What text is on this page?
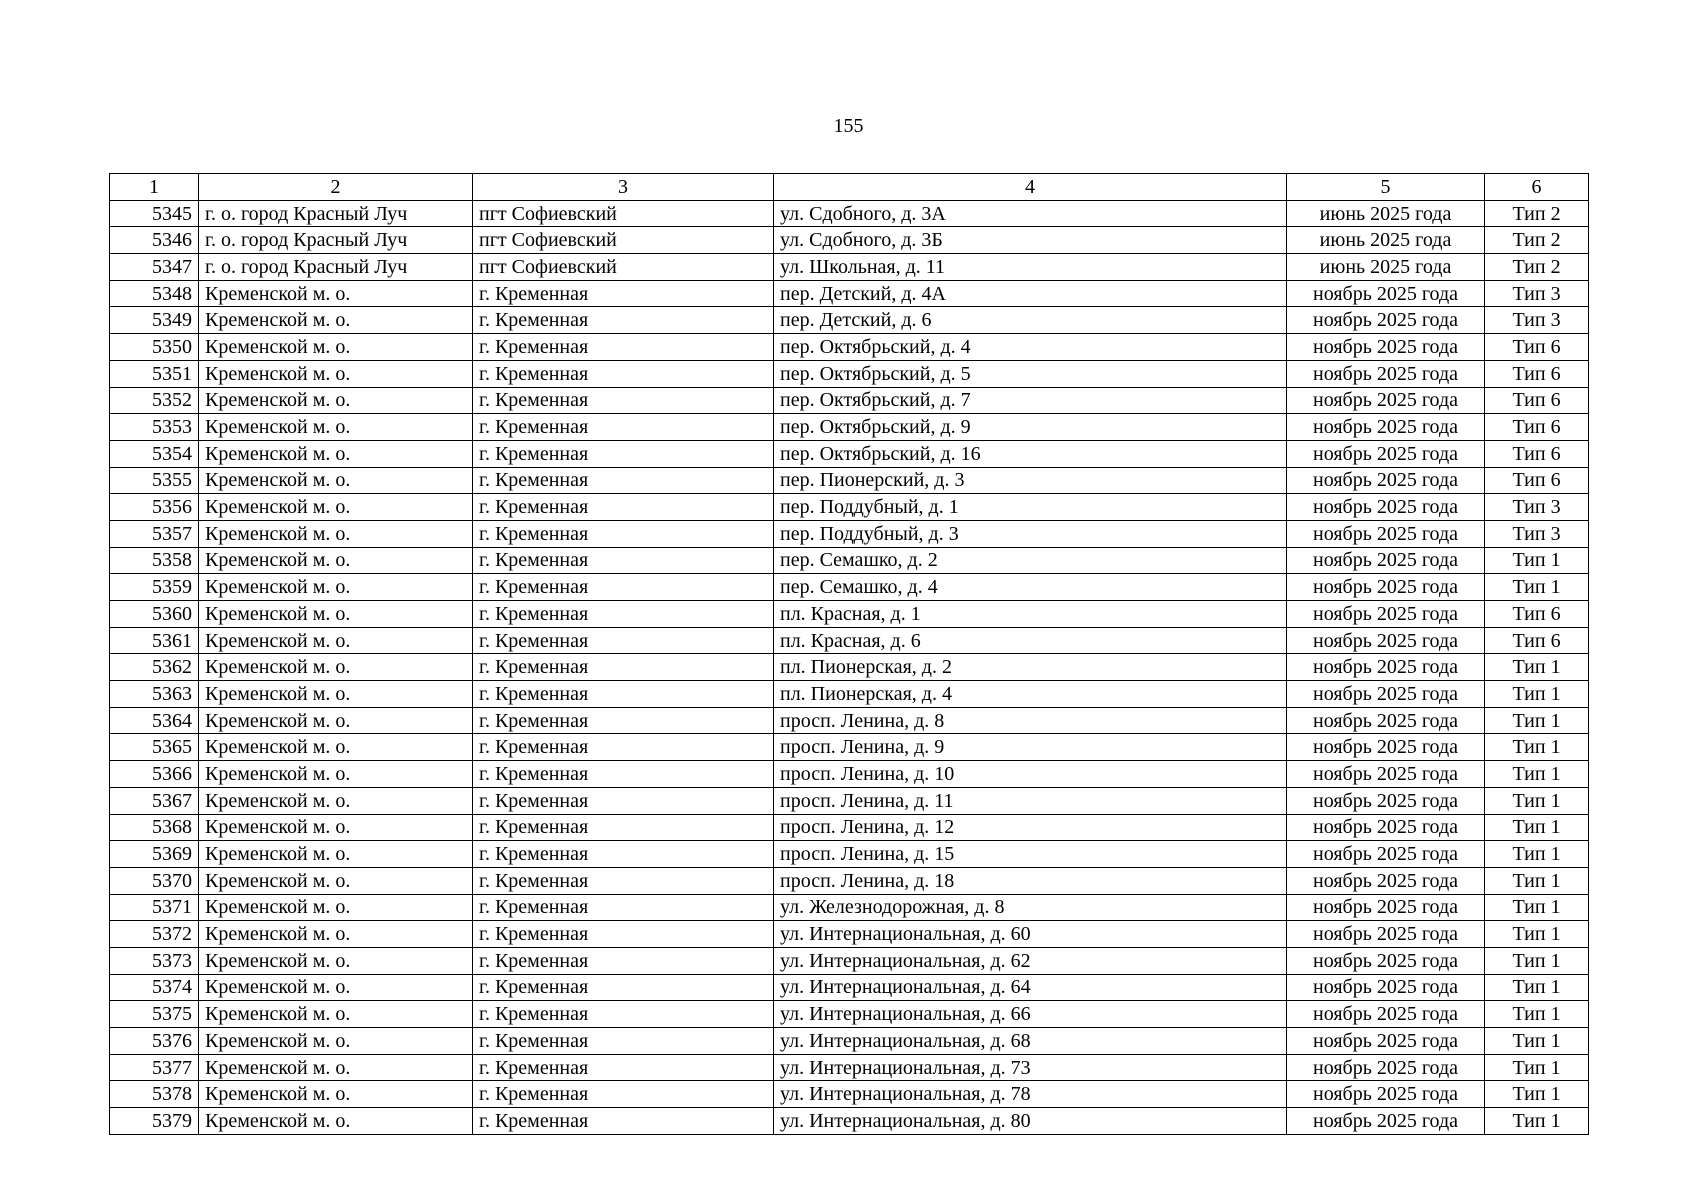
155
1	2	3	4	5	6
5345	г. о. город Красный Луч	пгт Софиевский	ул. Сдобного, д. 3А	июнь 2025 года	Тип 2
5346	г. о. город Красный Луч	пгт Софиевский	ул. Сдобного, д. 3Б	июнь 2025 года	Тип 2
5347	г. о. город Красный Луч	пгт Софиевский	ул. Школьная, д. 11	июнь 2025 года	Тип 2
5348	Кременской м. о.	г. Кременная	пер. Детский, д. 4А	ноябрь 2025 года	Тип 3
5349	Кременской м. о.	г. Кременная	пер. Детский, д. 6	ноябрь 2025 года	Тип 3
5350	Кременской м. о.	г. Кременная	пер. Октябрьский, д. 4	ноябрь 2025 года	Тип 6
5351	Кременской м. о.	г. Кременная	пер. Октябрьский, д. 5	ноябрь 2025 года	Тип 6
5352	Кременской м. о.	г. Кременная	пер. Октябрьский, д. 7	ноябрь 2025 года	Тип 6
5353	Кременской м. о.	г. Кременная	пер. Октябрьский, д. 9	ноябрь 2025 года	Тип 6
5354	Кременской м. о.	г. Кременная	пер. Октябрьский, д. 16	ноябрь 2025 года	Тип 6
5355	Кременской м. о.	г. Кременная	пер. Пионерский, д. 3	ноябрь 2025 года	Тип 6
5356	Кременской м. о.	г. Кременная	пер. Поддубный, д. 1	ноябрь 2025 года	Тип 3
5357	Кременской м. о.	г. Кременная	пер. Поддубный, д. 3	ноябрь 2025 года	Тип 3
5358	Кременской м. о.	г. Кременная	пер. Семашко, д. 2	ноябрь 2025 года	Тип 1
5359	Кременской м. о.	г. Кременная	пер. Семашко, д. 4	ноябрь 2025 года	Тип 1
5360	Кременской м. о.	г. Кременная	пл. Красная, д. 1	ноябрь 2025 года	Тип 6
5361	Кременской м. о.	г. Кременная	пл. Красная, д. 6	ноябрь 2025 года	Тип 6
5362	Кременской м. о.	г. Кременная	пл. Пионерская, д. 2	ноябрь 2025 года	Тип 1
5363	Кременской м. о.	г. Кременная	пл. Пионерская, д. 4	ноябрь 2025 года	Тип 1
5364	Кременской м. о.	г. Кременная	просп. Ленина, д. 8	ноябрь 2025 года	Тип 1
5365	Кременской м. о.	г. Кременная	просп. Ленина, д. 9	ноябрь 2025 года	Тип 1
5366	Кременской м. о.	г. Кременная	просп. Ленина, д. 10	ноябрь 2025 года	Тип 1
5367	Кременской м. о.	г. Кременная	просп. Ленина, д. 11	ноябрь 2025 года	Тип 1
5368	Кременской м. о.	г. Кременная	просп. Ленина, д. 12	ноябрь 2025 года	Тип 1
5369	Кременской м. о.	г. Кременная	просп. Ленина, д. 15	ноябрь 2025 года	Тип 1
5370	Кременской м. о.	г. Кременная	просп. Ленина, д. 18	ноябрь 2025 года	Тип 1
5371	Кременской м. о.	г. Кременная	ул. Железнодорожная, д. 8	ноябрь 2025 года	Тип 1
5372	Кременской м. о.	г. Кременная	ул. Интернациональная, д. 60	ноябрь 2025 года	Тип 1
5373	Кременской м. о.	г. Кременная	ул. Интернациональная, д. 62	ноябрь 2025 года	Тип 1
5374	Кременской м. о.	г. Кременная	ул. Интернациональная, д. 64	ноябрь 2025 года	Тип 1
5375	Кременской м. о.	г. Кременная	ул. Интернациональная, д. 66	ноябрь 2025 года	Тип 1
5376	Кременской м. о.	г. Кременная	ул. Интернациональная, д. 68	ноябрь 2025 года	Тип 1
5377	Кременской м. о.	г. Кременная	ул. Интернациональная, д. 73	ноябрь 2025 года	Тип 1
5378	Кременской м. о.	г. Кременная	ул. Интернациональная, д. 78	ноябрь 2025 года	Тип 1
5379	Кременской м. о.	г. Кременная	ул. Интернациональная, д. 80	ноябрь 2025 года	Тип 1
